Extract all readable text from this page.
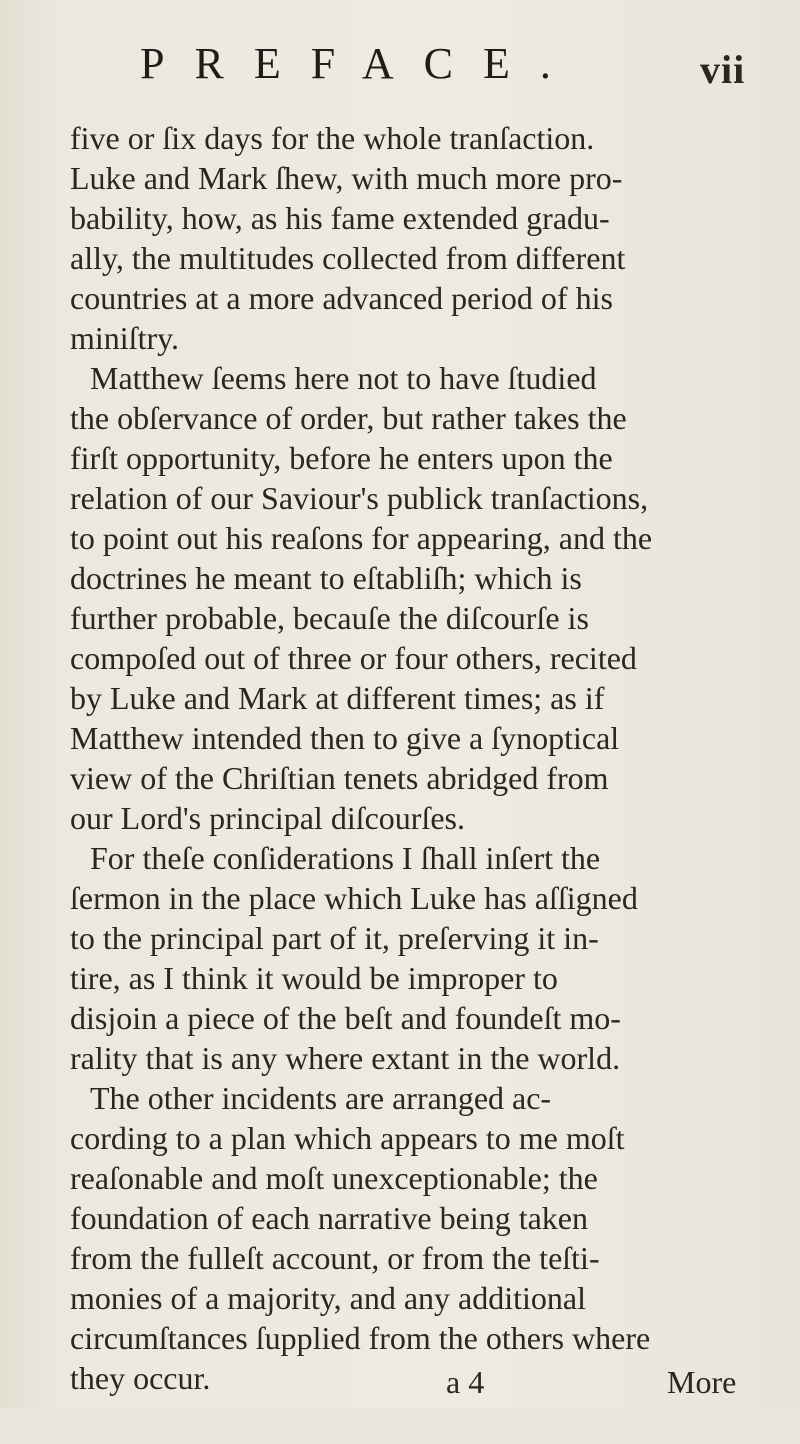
PREFACE.	vii
five or ſix days for the whole tranſaction.
Luke and Mark ſhew, with much more pro-
bability, how, as his fame extended gradu-
ally, the multitudes collected from different
countries at a more advanced period of his
miniſtry.
Matthew ſeems here not to have ſtudied
the obſervance of order, but rather takes the
firſt opportunity, before he enters upon the
relation of our Saviour's publick tranſactions,
to point out his reaſons for appearing, and the
doctrines he meant to eſtabliſh; which is
further probable, becauſe the diſcourſe is
compoſed out of three or four others, recited
by Luke and Mark at different times; as if
Matthew intended then to give a ſynoptical
view of the Chriſtian tenets abridged from
our Lord's principal diſcourſes.
For theſe conſiderations I ſhall inſert the
ſermon in the place which Luke has aſſigned
to the principal part of it, preſerving it in-
tire, as I think it would be improper to
disjoin a piece of the beſt and foundeſt mo-
rality that is any where extant in the world.
The other incidents are arranged ac-
cording to a plan which appears to me moſt
reaſonable and moſt unexceptionable; the
foundation of each narrative being taken
from the fulleſt account, or from the teſti-
monies of a majority, and any additional
circumſtances ſupplied from the others where
they occur.	a 4	More
